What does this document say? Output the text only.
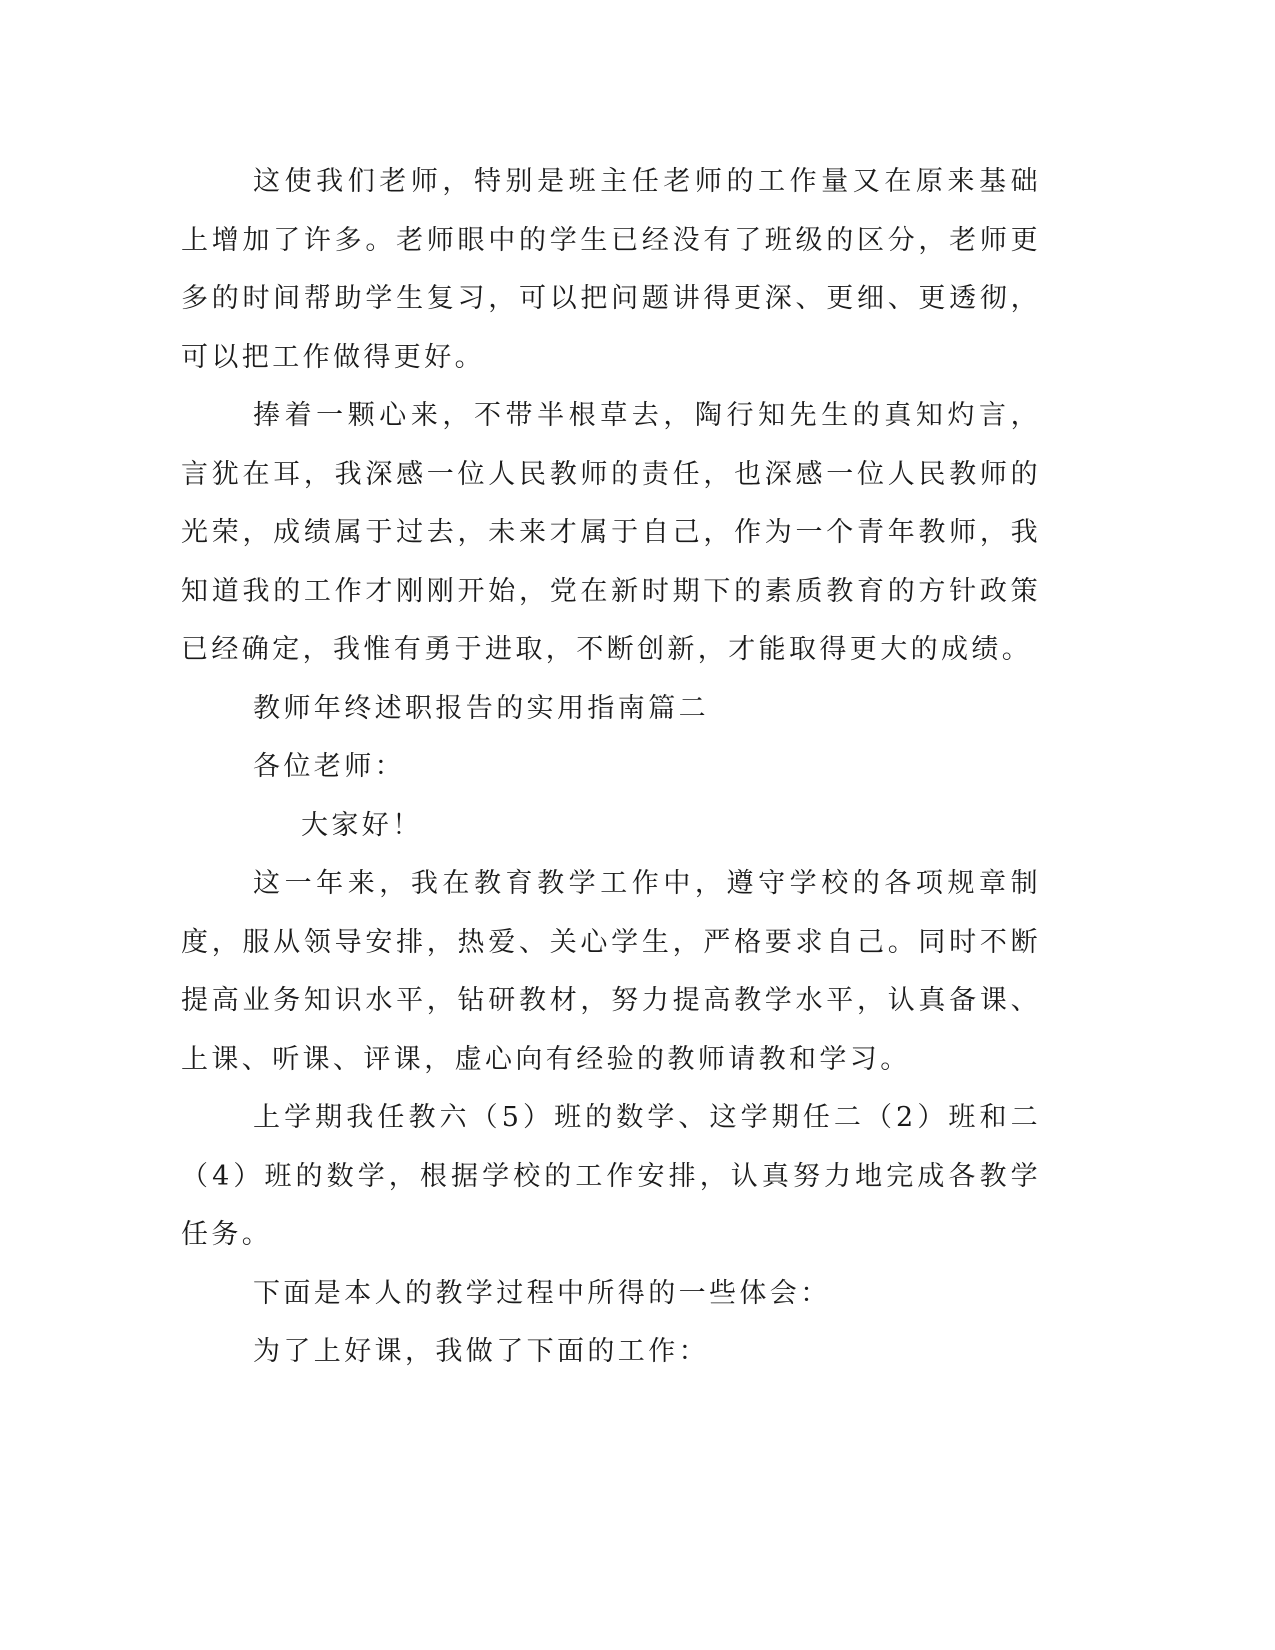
这使我们老师，特别是班主任老师的工作量又在原来基础上增加了许多。老师眼中的学生已经没有了班级的区分，老师更多的时间帮助学生复习，可以把问题讲得更深、更细、更透彻，可以把工作做得更好。

捧着一颗心来，不带半根草去，陶行知先生的真知灼言，言犹在耳，我深感一位人民教师的责任，也深感一位人民教师的光荣，成绩属于过去，未来才属于自己，作为一个青年教师，我知道我的工作才刚刚开始，党在新时期下的素质教育的方针政策已经确定，我惟有勇于进取，不断创新，才能取得更大的成绩。

教师年终述职报告的实用指南篇二

各位老师：

大家好！

这一年来，我在教育教学工作中，遵守学校的各项规章制度，服从领导安排，热爱、关心学生，严格要求自己。同时不断提高业务知识水平，钻研教材，努力提高教学水平，认真备课、上课、听课、评课，虚心向有经验的教师请教和学习。

上学期我任教六（5）班的数学、这学期任二（2）班和二（4）班的数学，根据学校的工作安排，认真努力地完成各教学任务。

下面是本人的教学过程中所得的一些体会：

为了上好课，我做了下面的工作：
